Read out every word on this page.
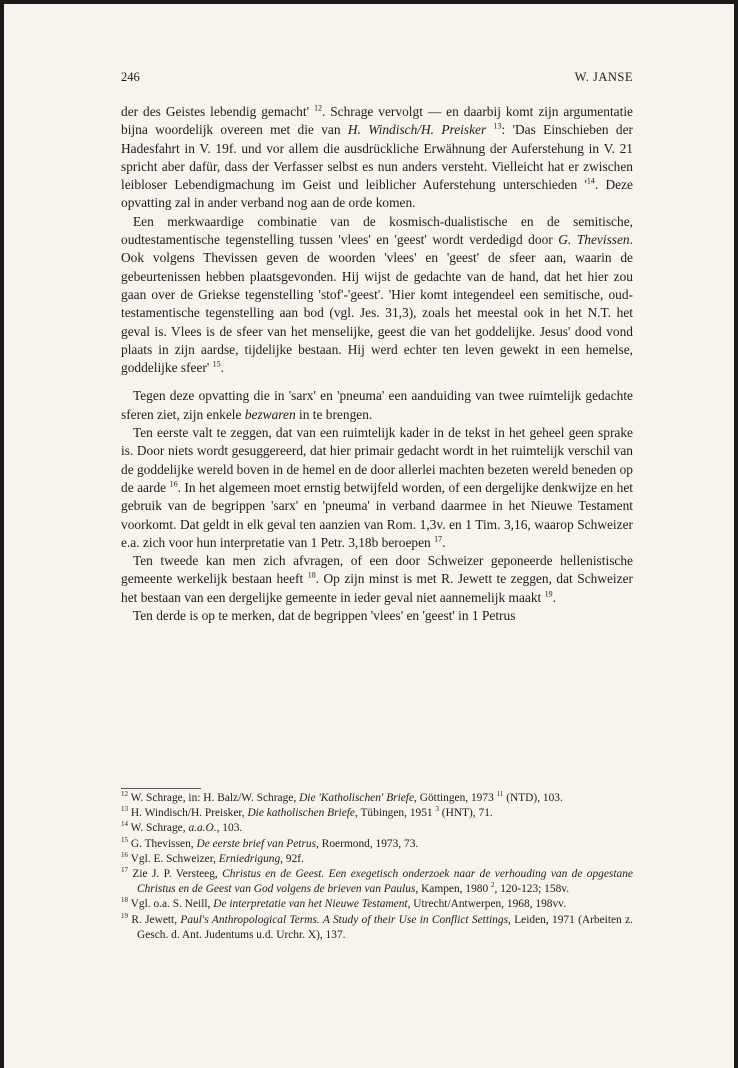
246	W. JANSE

der des Geistes lebendig gemacht' $^{12}$. Schrage vervolgt — en daarbij komt zijn argumentatie bijna woordelijk overeen met die van H. Windisch/H. Preisker $^{13}$: 'Das Einschieben der Hadesfahrt in V. 19f. und vor allem die ausdrückliche Erwähnung der Auferstehung in V. 21 spricht aber dafür, dass der Verfasser selbst es nun anders versteht. Vielleicht hat er zwischen leibloser Lebendigmachung im Geist und leiblicher Auferstehung unterschieden '$^{14}$. Deze opvatting zal in ander verband nog aan de orde komen.

Een merkwaardige combinatie van de kosmisch-dualistische en de semitische, oudtestamentische tegenstelling tussen 'vlees' en 'geest' wordt verdedigd door G. Thevissen. Ook volgens Thevissen geven de woorden 'vlees' en 'geest' de sfeer aan, waarin de gebeurtenissen hebben plaatsgevonden. Hij wijst de gedachte van de hand, dat het hier zou gaan over de Griekse tegenstelling 'stof'-'geest'. 'Hier komt integendeel een semitische, oud-testamentische tegenstelling aan bod (vgl. Jes. 31,3), zoals het meestal ook in het N.T. het geval is. Vlees is de sfeer van het menselijke, geest die van het goddelijke. Jesus' dood vond plaats in zijn aardse, tijdelijke bestaan. Hij werd echter ten leven gewekt in een hemelse, goddelijke sfeer' $^{15}$.

Tegen deze opvatting die in 'sarx' en 'pneuma' een aanduiding van twee ruimtelijk gedachte sferen ziet, zijn enkele bezwaren in te brengen.

Ten eerste valt te zeggen, dat van een ruimtelijk kader in de tekst in het geheel geen sprake is. Door niets wordt gesuggereerd, dat hier primair gedacht wordt in het ruimtelijk verschil van de goddelijke wereld boven in de hemel en de door allerlei machten bezeten wereld beneden op de aarde $^{16}$. In het algemeen moet ernstig betwijfeld worden, of een dergelijke denkwijze en het gebruik van de begrippen 'sarx' en 'pneuma' in verband daarmee in het Nieuwe Testament voorkomt. Dat geldt in elk geval ten aanzien van Rom. 1,3v. en 1 Tim. 3,16, waarop Schweizer e.a. zich voor hun interpretatie van 1 Petr. 3,18b beroepen $^{17}$.

Ten tweede kan men zich afvragen, of een door Schweizer geponeerde hellenistische gemeente werkelijk bestaan heeft $^{18}$. Op zijn minst is met R. Jewett te zeggen, dat Schweizer het bestaan van een dergelijke gemeente in ieder geval niet aannemelijk maakt $^{19}$.

Ten derde is op te merken, dat de begrippen 'vlees' en 'geest' in 1 Petrus

$^{12}$ W. Schrage, in: H. Balz/W. Schrage, Die 'Katholischen' Briefe, Göttingen, 1973 $^{11}$ (NTD), 103.

$^{13}$ H. Windisch/H. Preisker, Die katholischen Briefe, Tübingen, 1951 $^3$ (HNT), 71.

$^{14}$ W. Schrage, a.a.O., 103.

$^{15}$ G. Thevissen, De eerste brief van Petrus, Roermond, 1973, 73.

$^{16}$ Vgl. E. Schweizer, Erniedrigung, 92f.

$^{17}$ Zie J. P. Versteeg, Christus en de Geest. Een exegetisch onderzoek naar de verhouding van de opgestane Christus en de Geest van God volgens de brieven van Paulus, Kampen, 1980 $^2$, 120-123; 158v.

$^{18}$ Vgl. o.a. S. Neill, De interpretatie van het Nieuwe Testament, Utrecht/Antwerpen, 1968, 198vv.

$^{19}$ R. Jewett, Paul's Anthropological Terms. A Study of their Use in Conflict Settings, Leiden, 1971 (Arbeiten z. Gesch. d. Ant. Judentums u.d. Urchr. X), 137.
